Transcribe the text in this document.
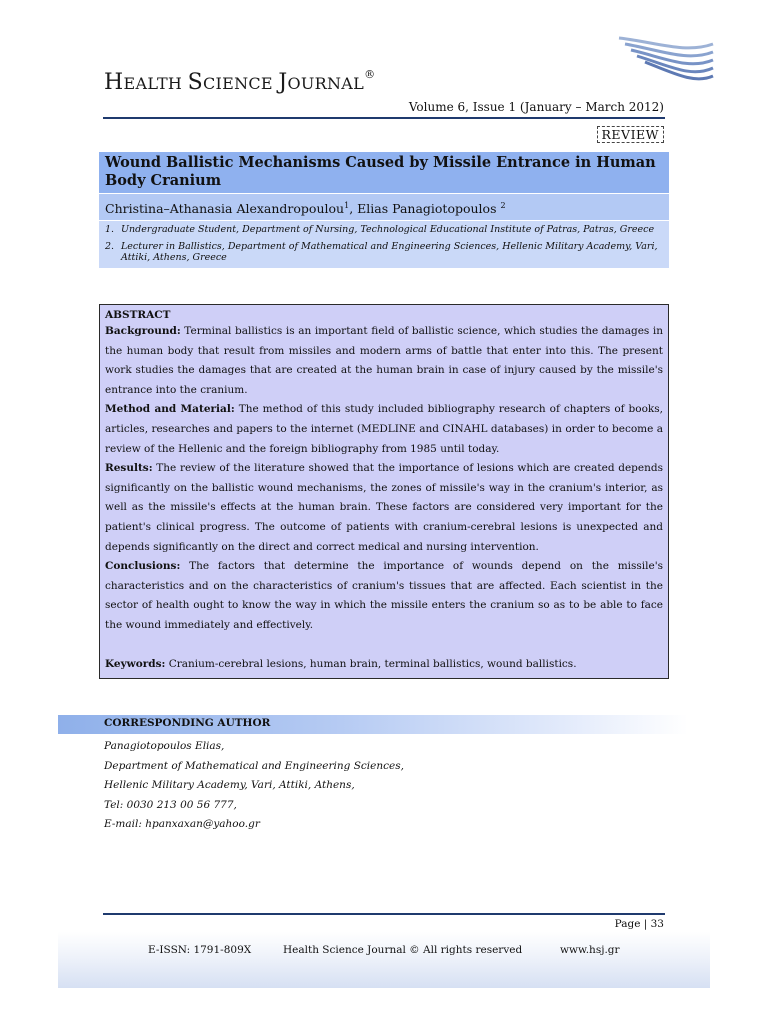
HEALTH SCIENCE JOURNAL®
Volume 6, Issue 1 (January – March 2012)
REVIEW
Wound Ballistic Mechanisms Caused by Missile Entrance in Human Body Cranium
Christina–Athanasia Alexandropoulou$^1$, Elias Panagiotopoulos $^2$
1. Undergraduate Student, Department of Nursing, Technological Educational Institute of Patras, Patras, Greece
2. Lecturer in Ballistics, Department of Mathematical and Engineering Sciences, Hellenic Military Academy, Vari, Attiki, Athens, Greece
ABSTRACT

Background: Terminal ballistics is an important field of ballistic science, which studies the damages in the human body that result from missiles and modern arms of battle that enter into this. The present work studies the damages that are created at the human brain in case of injury caused by the missile's entrance into the cranium.

Method and Material: The method of this study included bibliography research of chapters of books, articles, researches and papers to the internet (MEDLINE and CINAHL databases) in order to become a review of the Hellenic and the foreign bibliography from 1985 until today.

Results: The review of the literature showed that the importance of lesions which are created depends significantly on the ballistic wound mechanisms, the zones of missile's way in the cranium's interior, as well as the missile's effects at the human brain. These factors are considered very important for the patient's clinical progress. The outcome of patients with cranium-cerebral lesions is unexpected and depends significantly on the direct and correct medical and nursing intervention.

Conclusions: The factors that determine the importance of wounds depend on the missile's characteristics and on the characteristics of cranium's tissues that are affected. Each scientist in the sector of health ought to know the way in which the missile enters the cranium so as to be able to face the wound immediately and effectively.

Keywords: Cranium-cerebral lesions, human brain, terminal ballistics, wound ballistics.

CORRESPONDING AUTHOR
Panagiotopoulos Elias,
Department of Mathematical and Engineering Sciences,
Hellenic Military Academy, Vari, Attiki, Athens,
Tel: 0030 213 00 56 777,
E-mail: hpanxaxan@yahoo.gr
Page | 33
E-ISSN: 1791-809X	Health Science Journal © All rights reserved	www.hsj.gr
